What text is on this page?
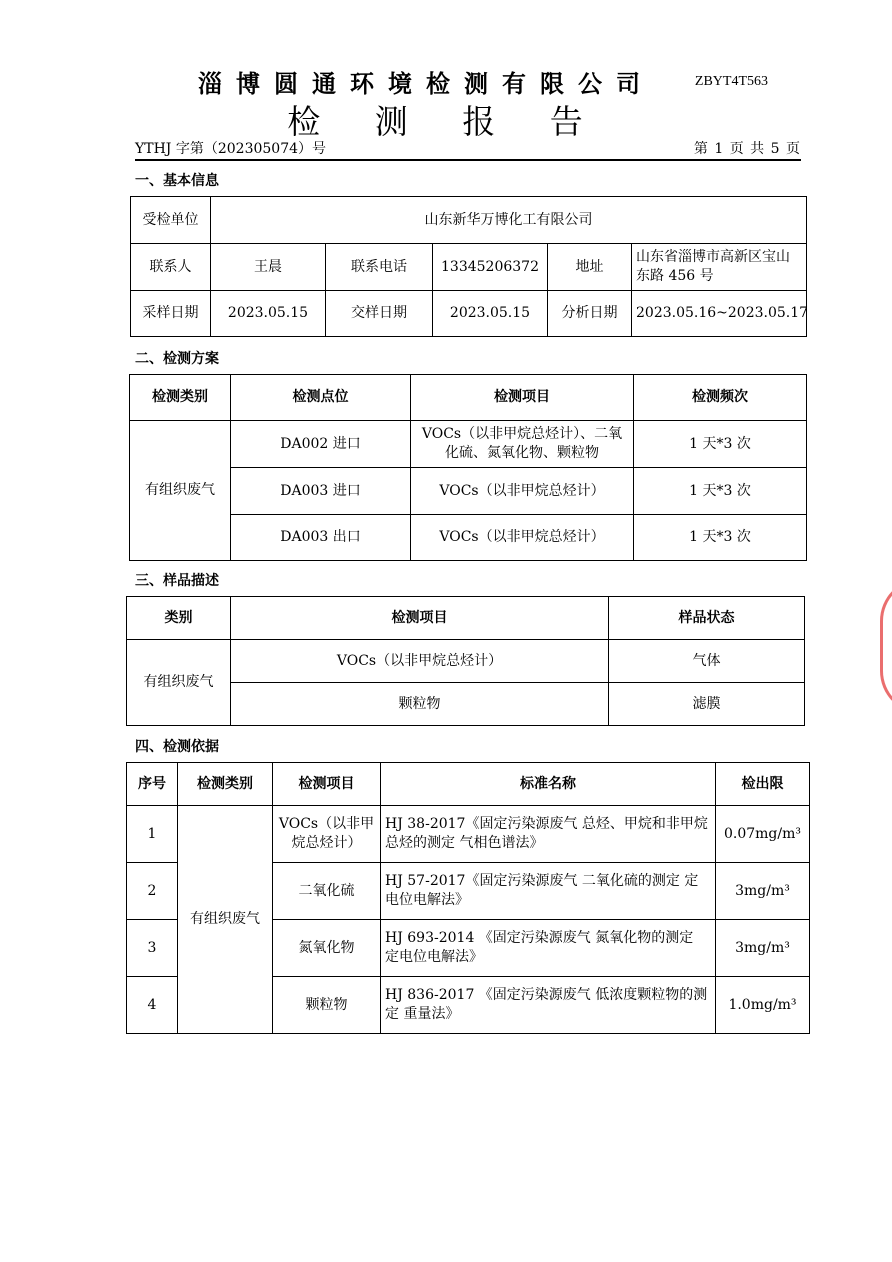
淄博圆通环境检测有限公司	ZBYT4T563
检 测 报 告
YTHJ 字第（202305074）号	第 1 页 共 5 页
一、基本信息
受检单位	山东新华万博化工有限公司				
联系人	王晨	联系电话	13345206372	地址	山东省淄博市高新区宝山东路 456 号
采样日期	2023.05.15	交样日期	2023.05.15	分析日期	2023.05.16~2023.05.17
二、检测方案
检测类别	检测点位	检测项目	检测频次
有组织废气	DA002 进口	VOCs（以非甲烷总烃计）、二氧化硫、氮氧化物、颗粒物	1 天*3 次
	DA003 进口	VOCs（以非甲烷总烃计）	1 天*3 次
	DA003 出口	VOCs（以非甲烷总烃计）	1 天*3 次
三、样品描述
类别	检测项目	样品状态
有组织废气	VOCs（以非甲烷总烃计）	气体
	颗粒物	滤膜
四、检测依据
序号	检测类别	检测项目	标准名称	检出限
1	有组织废气	VOCs（以非甲烷总烃计）	HJ 38-2017《固定污染源废气 总烃、甲烷和非甲烷总烃的测定 气相色谱法》	0.07mg/m³
2		二氧化硫	HJ 57-2017《固定污染源废气 二氧化硫的测定 定电位电解法》	3mg/m³
3		氮氧化物	HJ 693-2014 《固定污染源废气 氮氧化物的测定 定电位电解法》	3mg/m³
4		颗粒物	HJ 836-2017 《固定污染源废气 低浓度颗粒物的测定 重量法》	1.0mg/m³
